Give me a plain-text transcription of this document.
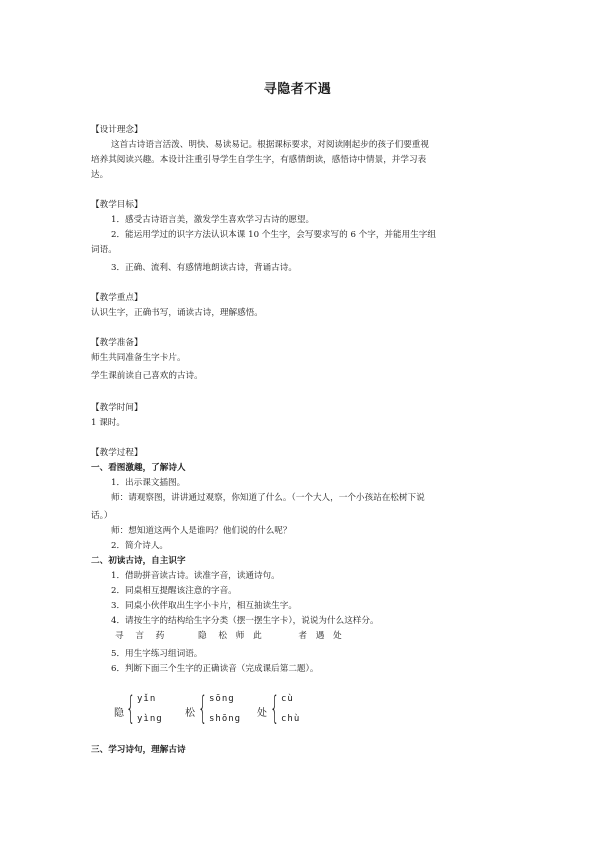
寻隐者不遇
【设计理念】
这首古诗语言活泼、明快、易读易记。根据课标要求，对阅读刚起步的孩子们要重视
培养其阅读兴趣。本设计注重引导学生自学生字，有感情朗读，感悟诗中情景，并学习表
达。
【教学目标】
1．感受古诗语言美，激发学生喜欢学习古诗的愿望。
2．能运用学过的识字方法认识本课 10 个生字，会写要求写的 6 个字，并能用生字组
词语。
3．正确、流利、有感情地朗读古诗，背诵古诗。
【教学重点】
认识生字，正确书写，诵读古诗，理解感悟。
【教学准备】
师生共同准备生字卡片。
学生课前读自己喜欢的古诗。
【教学时间】
1 课时。
【教学过程】
一、看图激趣，了解诗人
1．出示课文插图。
师：请观察图，讲讲通过观察，你知道了什么。（一个大人，一个小孩站在松树下说
话。）
师：想知道这两个人是谁吗？他们说的什么呢？
2．简介诗人。
二、初读古诗，自主识字
1．借助拼音读古诗。读准字音，读通诗句。
2．同桌相互提醒该注意的字音。
3．同桌小伙伴取出生字小卡片，相互抽读生字。
4．请按生字的结构给生字分类（摆一摆生字卡），说说为什么这样分。
寻 言 药	隐 松 师 此	者 遇 处
5．用生字练习组词语。
6．判断下面三个生字的正确读音（完成课后第二题）。
隐 { yǐn
yìng 松 { sōng
shōng 处 { cù
chù
三、学习诗句，理解古诗
